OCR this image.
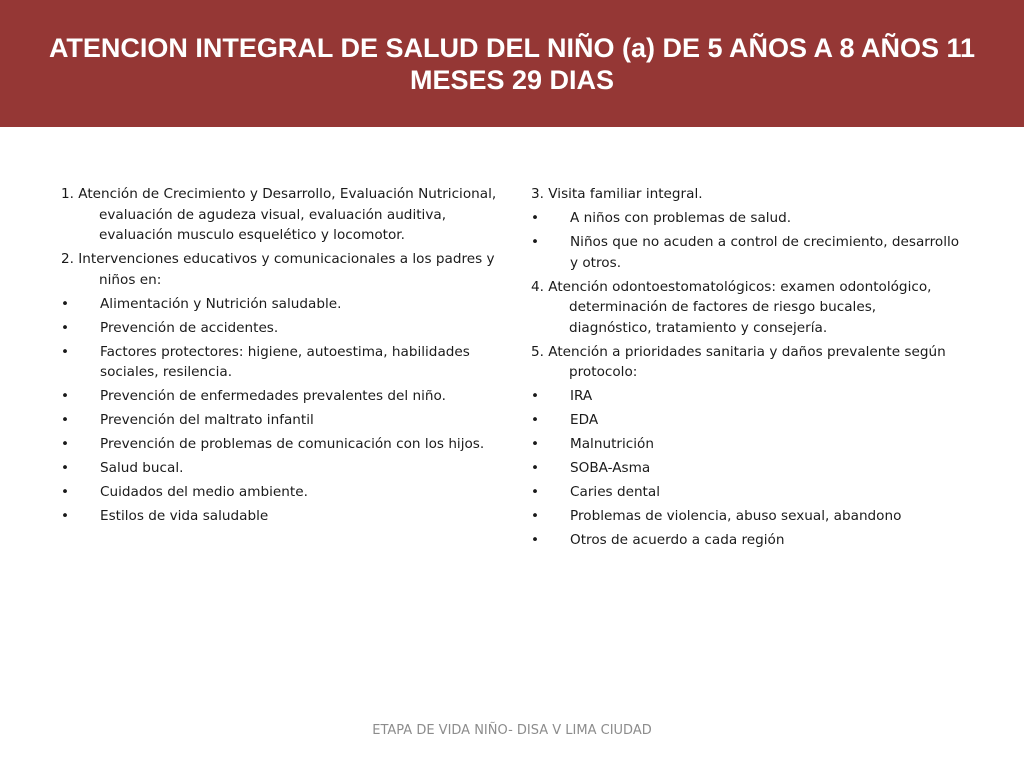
ATENCION INTEGRAL DE SALUD DEL NIÑO (a) DE 5 AÑOS A 8 AÑOS 11 MESES 29 DIAS
1. Atención de Crecimiento y Desarrollo, Evaluación Nutricional, evaluación de agudeza visual, evaluación auditiva, evaluación musculo esquelético y locomotor.
2. Intervenciones educativos y comunicacionales a los padres y niños en:
• Alimentación y Nutrición saludable.
• Prevención de accidentes.
• Factores protectores: higiene, autoestima, habilidades sociales, resilencia.
• Prevención de enfermedades prevalentes del niño.
• Prevención del maltrato infantil
• Prevención de problemas de comunicación con los hijos.
• Salud bucal.
• Cuidados del medio ambiente.
• Estilos de vida saludable
3. Visita familiar integral.
• A niños con problemas de salud.
• Niños que no acuden a control de crecimiento, desarrollo y otros.
4. Atención odontoestomatológicos: examen odontológico, determinación de factores de riesgo bucales, diagnóstico, tratamiento y consejería.
5. Atención a prioridades sanitaria y daños prevalente según protocolo:
• IRA
• EDA
• Malnutrición
• SOBA-Asma
• Caries dental
• Problemas de violencia, abuso sexual, abandono
• Otros de acuerdo a cada región
ETAPA DE VIDA NIÑO- DISA V LIMA CIUDAD
